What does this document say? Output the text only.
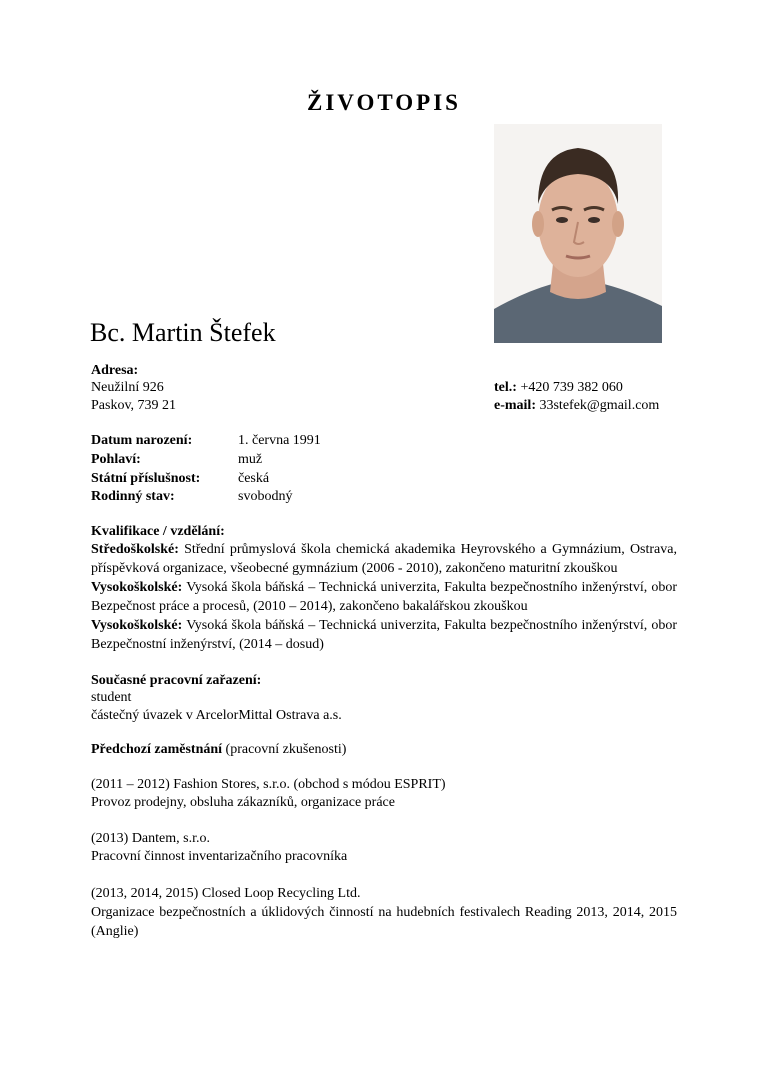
ŽIVOTOPIS
Bc. Martin Štefek
Adresa:
Neužilní 926
Paskov, 739 21
tel.: +420 739 382 060
e-mail: 33stefek@gmail.com
Datum narození:	1. června 1991
Pohlaví:	muž
Státní příslušnost:	česká
Rodinný stav:	svobodný
Kvalifikace / vzdělání:
Středoškolské: Střední průmyslová škola chemická akademika Heyrovského a Gymnázium, Ostrava, příspěvková organizace, všeobecné gymnázium (2006 - 2010), zakončeno maturitní zkouškou
Vysokoškolské: Vysoká škola báňská – Technická univerzita, Fakulta bezpečnostního inženýrství, obor Bezpečnost práce a procesů, (2010 – 2014), zakončeno bakalářskou zkouškou
Vysokoškolské: Vysoká škola báňská – Technická univerzita, Fakulta bezpečnostního inženýrství, obor Bezpečnostní inženýrství, (2014 – dosud)
Současné pracovní zařazení:
student
částečný úvazek v ArcelorMittal Ostrava a.s.
Předchozí zaměstnání (pracovní zkušenosti)
(2011 – 2012) Fashion Stores, s.r.o. (obchod s módou ESPRIT)
Provoz prodejny, obsluha zákazníků, organizace práce
(2013) Dantem, s.r.o.
Pracovní činnost inventarizačního pracovníka
(2013, 2014, 2015) Closed Loop Recycling Ltd.
Organizace bezpečnostních a úklidových činností na hudebních festivalech Reading 2013, 2014, 2015 (Anglie)
